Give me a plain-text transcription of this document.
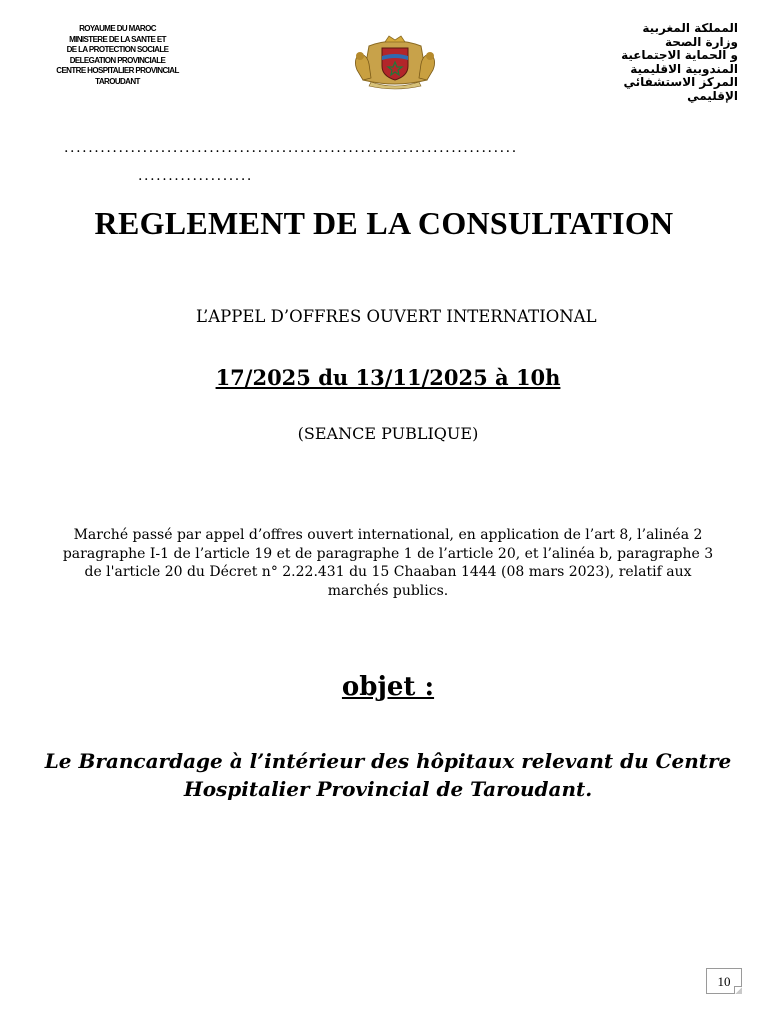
ROYAUME DU MAROC
MINISTERE DE LA SANTE ET
DE LA PROTECTION SOCIALE
DELEGATION PROVINCIALE
CENTRE HOSPITALIER PROVINCIAL
TAROUDANT
المملكة المغربية
وزارة الصحة
و الحماية الاجتماعية
المندوبية الاقليمية
المركز الاستشفائي
الإقليمي
...........................................................................
...................
REGLEMENT DE LA CONSULTATION
L’APPEL D’OFFRES OUVERT INTERNATIONAL
17/2025 du 13/11/2025 à 10h
(SEANCE PUBLIQUE)
Marché passé par appel d’offres ouvert international, en application de l’art 8, l’alinéa 2 paragraphe I-1 de l’article 19 et de paragraphe 1 de l’article 20, et l’alinéa b, paragraphe 3 de l'article 20 du Décret n° 2.22.431 du 15 Chaaban 1444 (08 mars 2023), relatif aux marchés publics.
objet :
Le Brancardage à l’intérieur des hôpitaux relevant du Centre Hospitalier Provincial de Taroudant.
10
